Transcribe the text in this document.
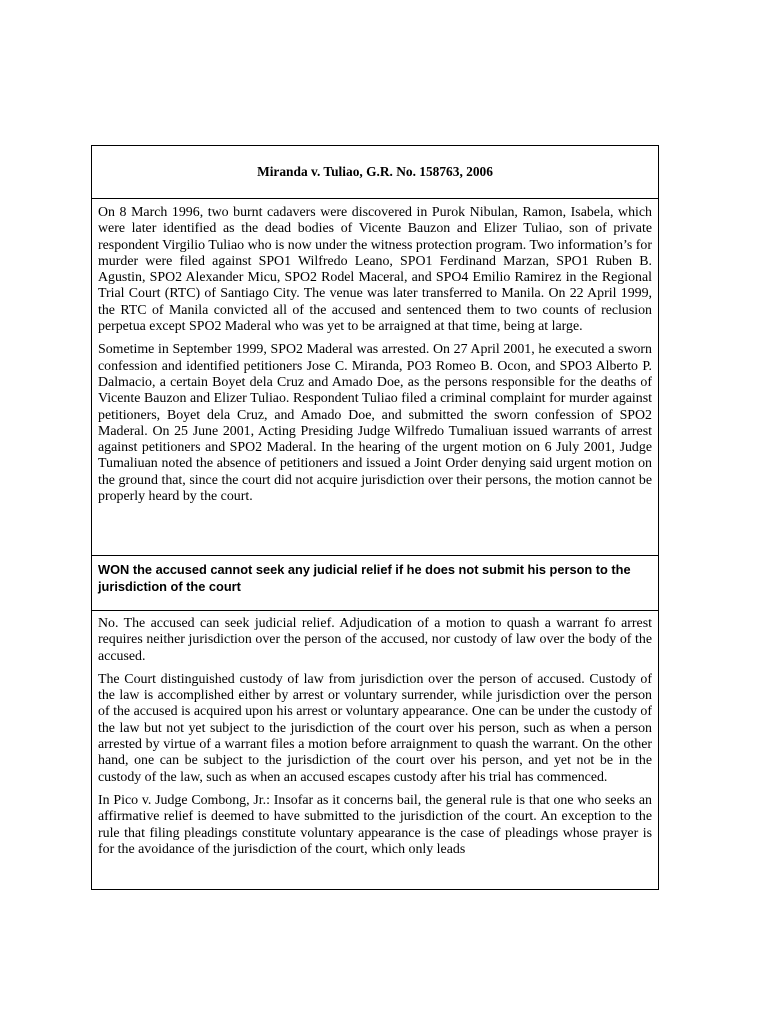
Miranda v. Tuliao, G.R. No. 158763, 2006

On 8 March 1996, two burnt cadavers were discovered in Purok Nibulan, Ramon, Isabela, which were later identified as the dead bodies of Vicente Bauzon and Elizer Tuliao, son of private respondent Virgilio Tuliao who is now under the witness protection program. Two information’s for murder were filed against SPO1 Wilfredo Leano, SPO1 Ferdinand Marzan, SPO1 Ruben B. Agustin, SPO2 Alexander Micu, SPO2 Rodel Maceral, and SPO4 Emilio Ramirez in the Regional Trial Court (RTC) of Santiago City. The venue was later transferred to Manila. On 22 April 1999, the RTC of Manila convicted all of the accused and sentenced them to two counts of reclusion perpetua except SPO2 Maderal who was yet to be arraigned at that time, being at large.

Sometime in September 1999, SPO2 Maderal was arrested. On 27 April 2001, he executed a sworn confession and identified petitioners Jose C. Miranda, PO3 Romeo B. Ocon, and SPO3 Alberto P. Dalmacio, a certain Boyet dela Cruz and Amado Doe, as the persons responsible for the deaths of Vicente Bauzon and Elizer Tuliao. Respondent Tuliao filed a criminal complaint for murder against petitioners, Boyet dela Cruz, and Amado Doe, and submitted the sworn confession of SPO2 Maderal. On 25 June 2001, Acting Presiding Judge Wilfredo Tumaliuan issued warrants of arrest against petitioners and SPO2 Maderal. In the hearing of the urgent motion on 6 July 2001, Judge Tumaliuan noted the absence of petitioners and issued a Joint Order denying said urgent motion on the ground that, since the court did not acquire jurisdiction over their persons, the motion cannot be properly heard by the court.

WON the accused cannot seek any judicial relief if he does not submit his person to the jurisdiction of the court

No. The accused can seek judicial relief. Adjudication of a motion to quash a warrant fo arrest requires neither jurisdiction over the person of the accused, nor custody of law over the body of the accused.

The Court distinguished custody of law from jurisdiction over the person of accused. Custody of the law is accomplished either by arrest or voluntary surrender, while jurisdiction over the person of the accused is acquired upon his arrest or voluntary appearance. One can be under the custody of the law but not yet subject to the jurisdiction of the court over his person, such as when a person arrested by virtue of a warrant files a motion before arraignment to quash the warrant. On the other hand, one can be subject to the jurisdiction of the court over his person, and yet not be in the custody of the law, such as when an accused escapes custody after his trial has commenced.

In Pico v. Judge Combong, Jr.: Insofar as it concerns bail, the general rule is that one who seeks an affirmative relief is deemed to have submitted to the jurisdiction of the court. An exception to the rule that filing pleadings constitute voluntary appearance is the case of pleadings whose prayer is for the avoidance of the jurisdiction of the court, which only leads
